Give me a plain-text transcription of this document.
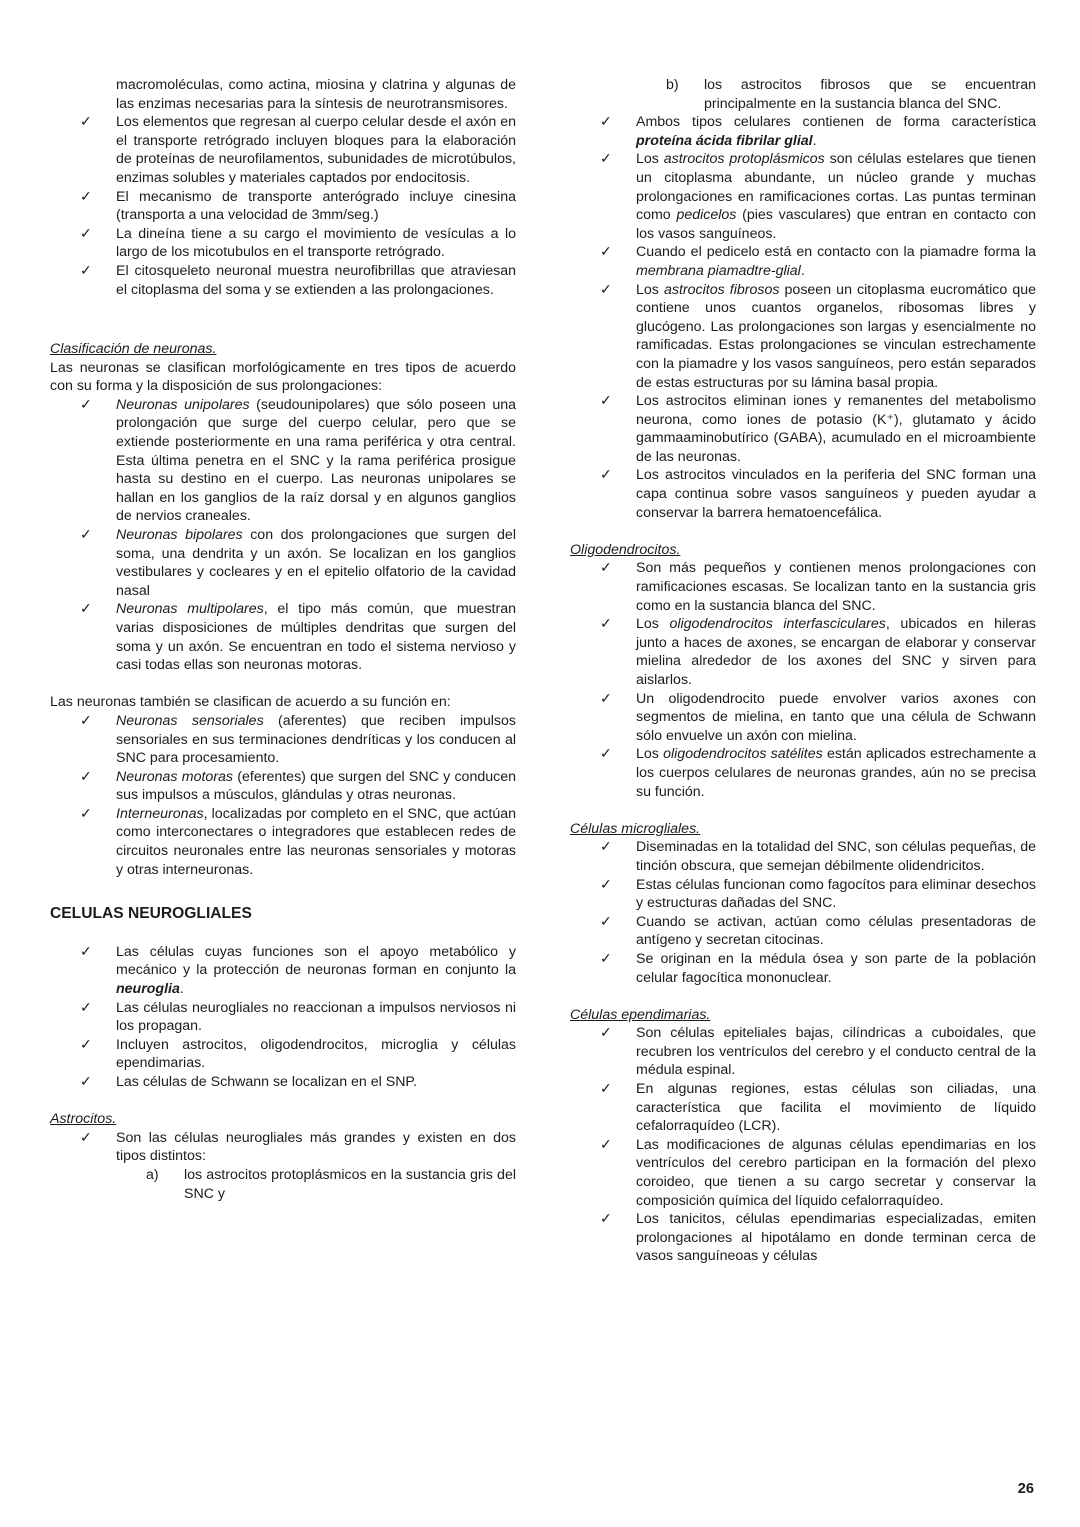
macromoléculas, como actina, miosina y clatrina y algunas de las enzimas necesarias para la síntesis de neurotransmisores.
✓ Los elementos que regresan al cuerpo celular desde el axón en el transporte retrógrado incluyen bloques para la elaboración de proteínas de neurofilamentos, subunidades de microtúbulos, enzimas solubles y materiales captados por endocitosis.
✓ El mecanismo de transporte anterógrado incluye cinesina (transporta a una velocidad de 3mm/seg.)
✓ La dineína tiene a su cargo el movimiento de vesículas a lo largo de los micotubulos en el transporte retrógrado.
✓ El citosqueleto neuronal muestra neurofibrillas que atraviesan el citoplasma del soma y se extienden a las prolongaciones.
Clasificación de neuronas.
Las neuronas se clasifican morfológicamente en tres tipos de acuerdo con su forma y la disposición de sus prolongaciones:
✓ Neuronas unipolares (seudounipolares) que sólo poseen una prolongación que surge del cuerpo celular, pero que se extiende posteriormente en una rama periférica y otra central. Esta última penetra en el SNC y la rama periférica prosigue hasta su destino en el cuerpo. Las neuronas unipolares se hallan en los ganglios de la raíz dorsal y en algunos ganglios de nervios craneales.
✓ Neuronas bipolares con dos prolongaciones que surgen del soma, una dendrita y un axón. Se localizan en los ganglios vestibulares y cocleares y en el epitelio olfatorio de la cavidad nasal
✓ Neuronas multipolares, el tipo más común, que muestran varias disposiciones de múltiples dendritas que surgen del soma y un axón. Se encuentran en todo el sistema nervioso y casi todas ellas son neuronas motoras.
Las neuronas también se clasifican de acuerdo a su función en:
✓ Neuronas sensoriales (aferentes) que reciben impulsos sensoriales en sus terminaciones dendríticas y los conducen al SNC para procesamiento.
✓ Neuronas motoras (eferentes) que surgen del SNC y conducen sus impulsos a músculos, glándulas y otras neuronas.
✓ Interneuronas, localizadas por completo en el SNC, que actúan como interconectares o integradores que establecen redes de circuitos neuronales entre las neuronas sensoriales y motoras y otras interneuronas.
CELULAS NEUROGLIALES
✓ Las células cuyas funciones son el apoyo metabólico y mecánico y la protección de neuronas forman en conjunto la neuroglia.
✓ Las células neurogliales no reaccionan a impulsos nerviosos ni los propagan.
✓ Incluyen astrocitos, oligodendrocitos, microglia y células ependimarias.
✓ Las células de Schwann se localizan en el SNP.
Astrocitos.
✓ Son las células neurogliales más grandes y existen en dos tipos distintos:
a) los astrocitos protoplásmicos en la sustancia gris del SNC y
b) los astrocitos fibrosos que se encuentran principalmente en la sustancia blanca del SNC.
✓ Ambos tipos celulares contienen de forma característica proteína ácida fibrilar glial.
✓ Los astrocitos protoplásmicos son células estelares que tienen un citoplasma abundante, un núcleo grande y muchas prolongaciones en ramificaciones cortas. Las puntas terminan como pedicelos (pies vasculares) que entran en contacto con los vasos sanguíneos.
✓ Cuando el pedicelo está en contacto con la piamadre forma la membrana piamadtre-glial.
✓ Los astrocitos fibrosos poseen un citoplasma eucromático que contiene unos cuantos organelos, ribosomas libres y glucógeno. Las prolongaciones son largas y esencialmente no ramificadas. Estas prolongaciones se vinculan estrechamente con la piamadre y los vasos sanguíneos, pero están separados de estas estructuras por su lámina basal propia.
✓ Los astrocitos eliminan iones y remanentes del metabolismo neurona, como iones de potasio (K⁺), glutamato y ácido gammaaminobutírico (GABA), acumulado en el microambiente de las neuronas.
✓ Los astrocitos vinculados en la periferia del SNC forman una capa continua sobre vasos sanguíneos y pueden ayudar a conservar la barrera hematoencefálica.
Oligodendrocitos.
✓ Son más pequeños y contienen menos prolongaciones con ramificaciones escasas. Se localizan tanto en la sustancia gris como en la sustancia blanca del SNC.
✓ Los oligodendrocitos interfasciculares, ubicados en hileras junto a haces de axones, se encargan de elaborar y conservar mielina alrededor de los axones del SNC y sirven para aislarlos.
✓ Un oligodendrocito puede envolver varios axones con segmentos de mielina, en tanto que una célula de Schwann sólo envuelve un axón con mielina.
✓ Los oligodendrocitos satélites están aplicados estrechamente a los cuerpos celulares de neuronas grandes, aún no se precisa su función.
Células microgliales.
✓ Diseminadas en la totalidad del SNC, son células pequeñas, de tinción obscura, que semejan débilmente olidendricitos.
✓ Estas células funcionan como fagocítos para eliminar desechos y estructuras dañadas del SNC.
✓ Cuando se activan, actúan como células presentadoras de antígeno y secretan citocinas.
✓ Se originan en la médula ósea y son parte de la población celular fagocítica mononuclear.
Células ependimarias.
✓ Son células epiteliales bajas, cilíndricas a cuboidales, que recubren los ventrículos del cerebro y el conducto central de la médula espinal.
✓ En algunas regiones, estas células son ciliadas, una característica que facilita el movimiento de líquido cefalorraquídeo (LCR).
✓ Las modificaciones de algunas células ependimarias en los ventrículos del cerebro participan en la formación del plexo coroideo, que tienen a su cargo secretar y conservar la composición química del líquido cefalorraquídeo.
✓ Los tanicitos, células ependimarias especializadas, emiten prolongaciones al hipotálamo en donde terminan cerca de vasos sanguíneoas y células
26
